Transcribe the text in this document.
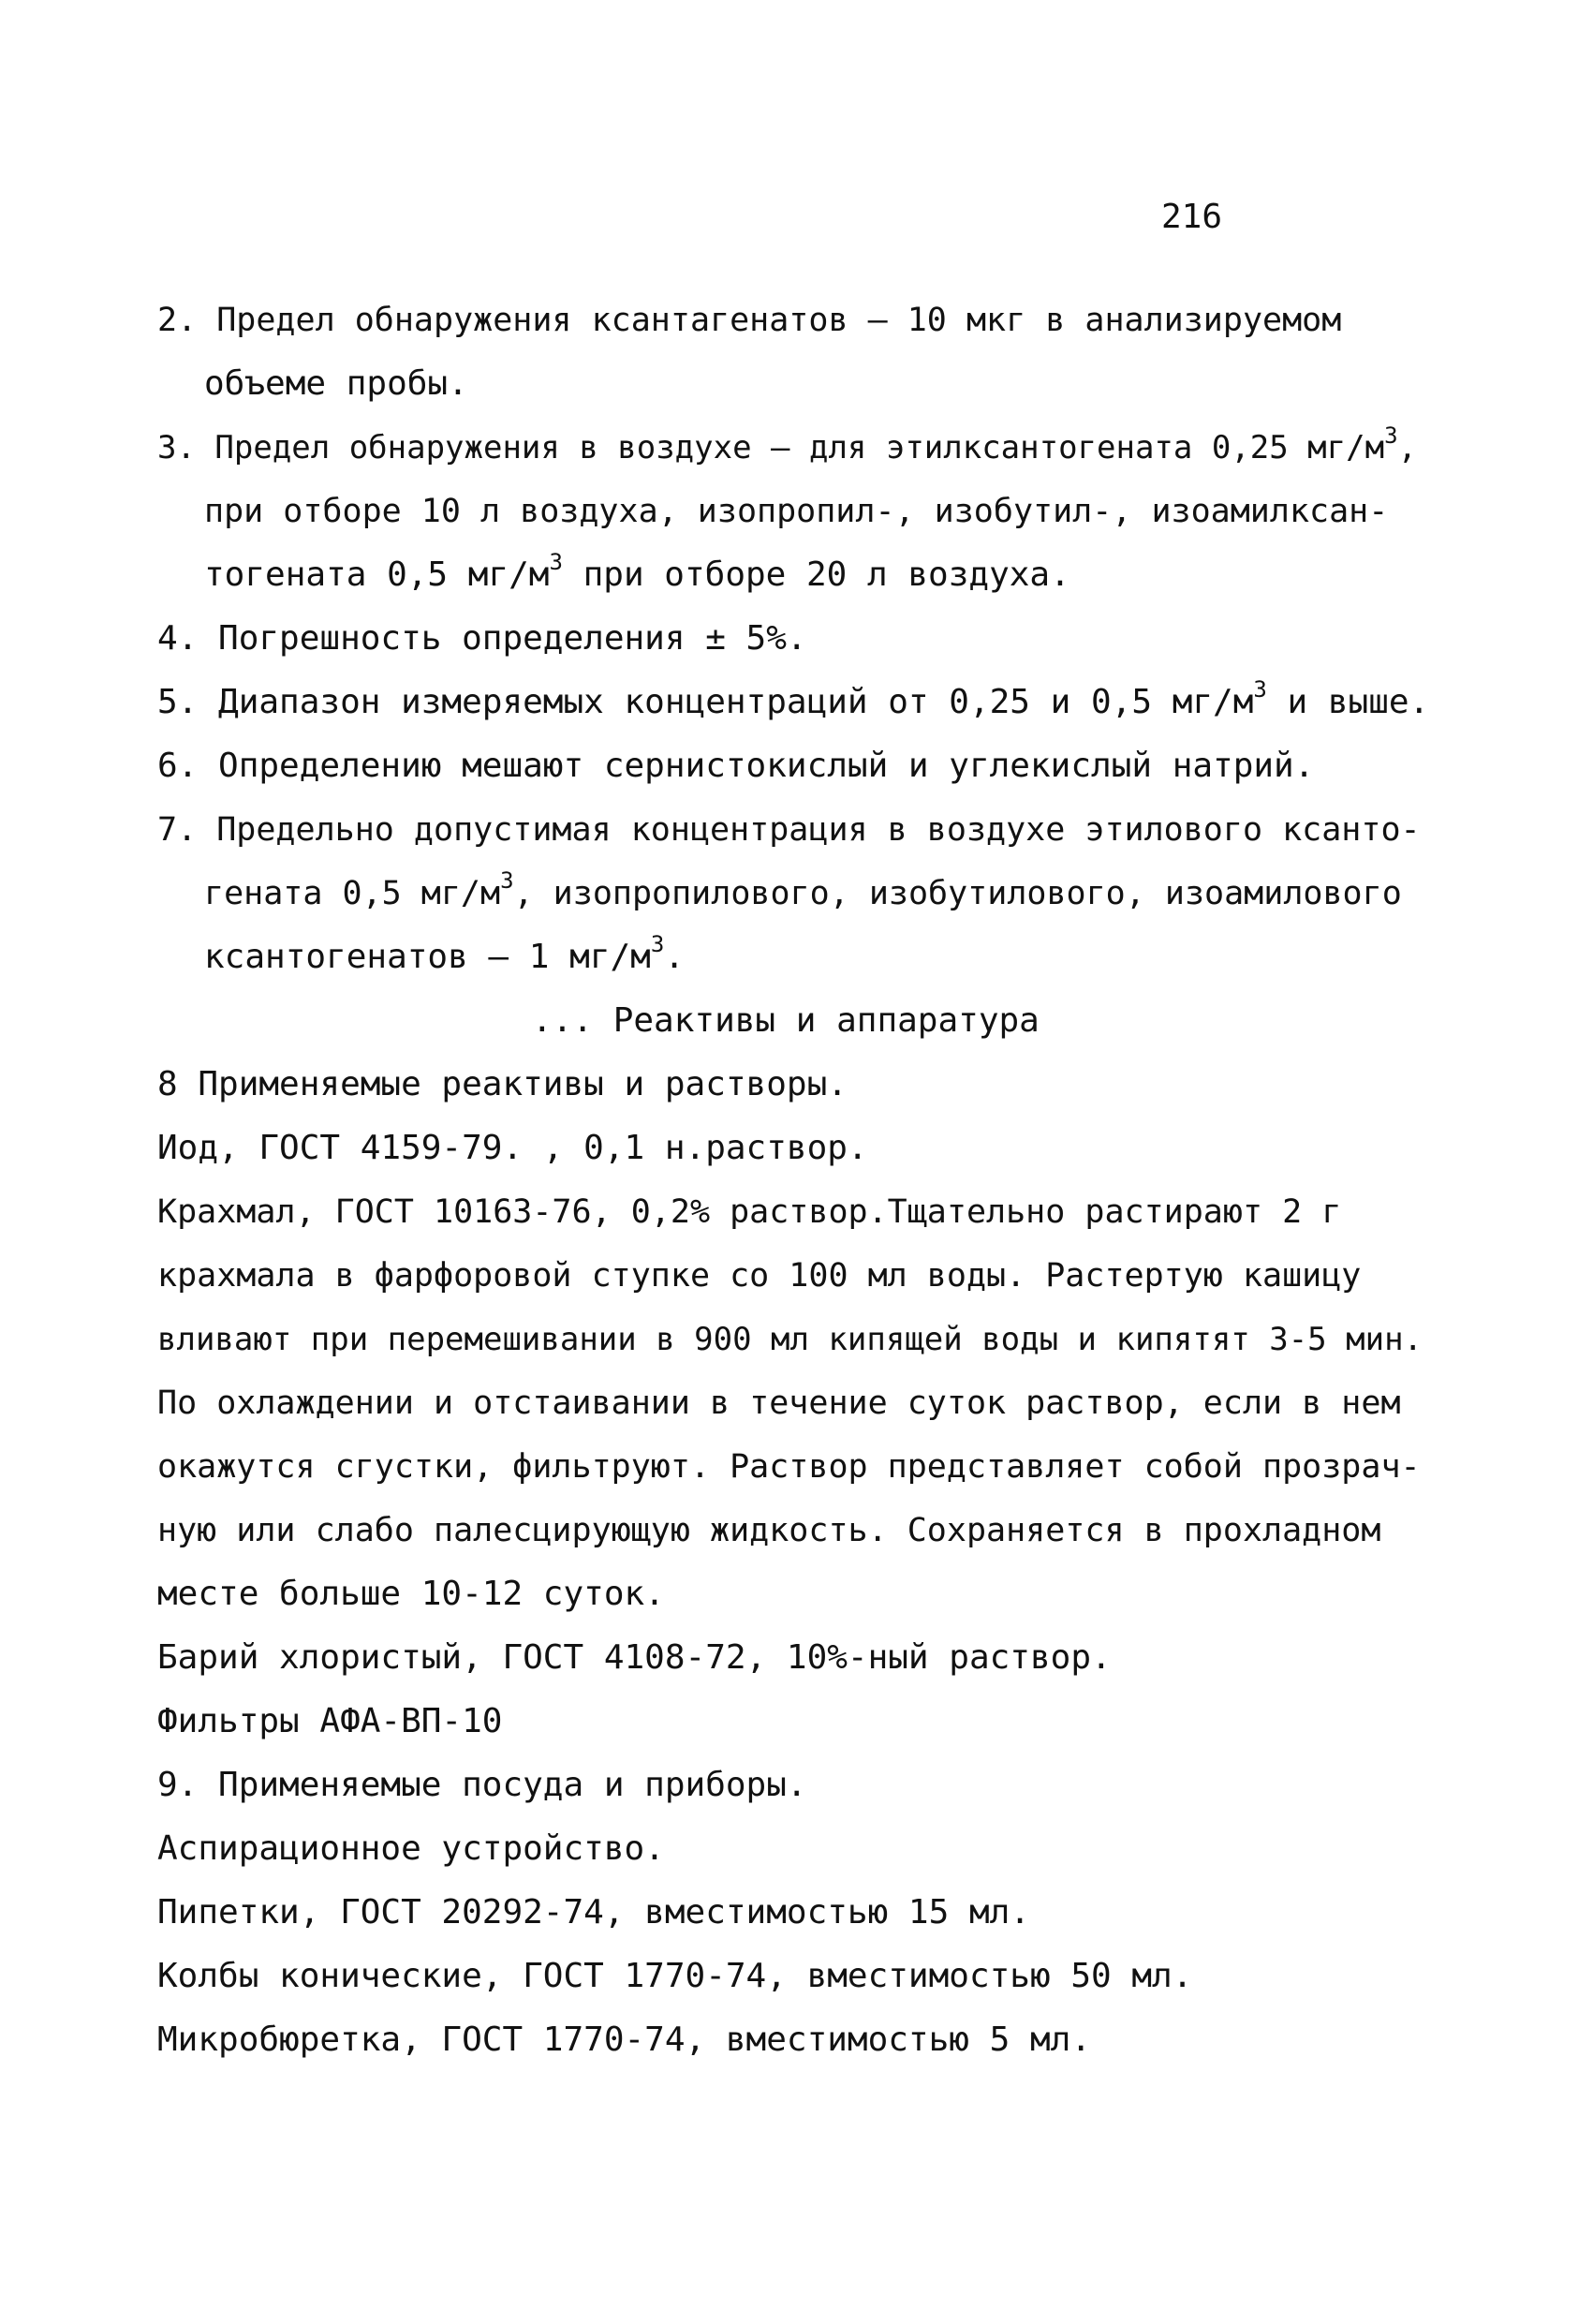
216
2. Предел обнаружения ксантагенатов – 10 мкг в анализируемом
объеме пробы.
3. Предел обнаружения в воздухе – для этилксантогената 0,25 $мг/м^3$,
при отборе 10 л воздуха, изопропил-, изобутил-, изоамилксан-
тогената 0,5 $мг/м^3$ при отборе 20 л воздуха.
4. Погрешность определения ± 5%.
5. Диапазон измеряемых концентраций от 0,25 и 0,5 $мг/м^3$ и выше.
6. Определению мешают сернистокислый и углекислый натрий.
7. Предельно допустимая концентрация в воздухе этилового ксанто-
гената 0,5 $мг/м^3$, изопропилового, изобутилового, изоамилового
ксантогенатов – 1 $мг/м^3$.
... Реактивы и аппаратура
8 Применяемые реактивы и растворы.
Иод, ГОСТ 4159-79. , 0,1 н.раствор.
Крахмал, ГОСТ 10163-76, 0,2% раствор.Тщательно растирают 2 г
крахмала в фарфоровой ступке со 100 мл воды. Растертую кашицу
вливают при перемешивании в 900 мл кипящей воды и кипятят 3-5 мин.
По охлаждении и отстаивании в течение суток раствор, если в нем
окажутся сгустки, фильтруют. Раствор представляет собой прозрач-
ную или слабо палесцирующую жидкость. Сохраняется в прохладном
месте больше 10-12 суток.
Барий хлористый, ГОСТ 4108-72, 10%-ный раствор.
Фильтры АФА-ВП-10
9. Применяемые посуда и приборы.
Аспирационное устройство.
Пипетки, ГОСТ 20292-74, вместимостью 15 мл.
Колбы конические, ГОСТ 1770-74, вместимостью 50 мл.
Микробюретка, ГОСТ 1770-74, вместимостью 5 мл.
